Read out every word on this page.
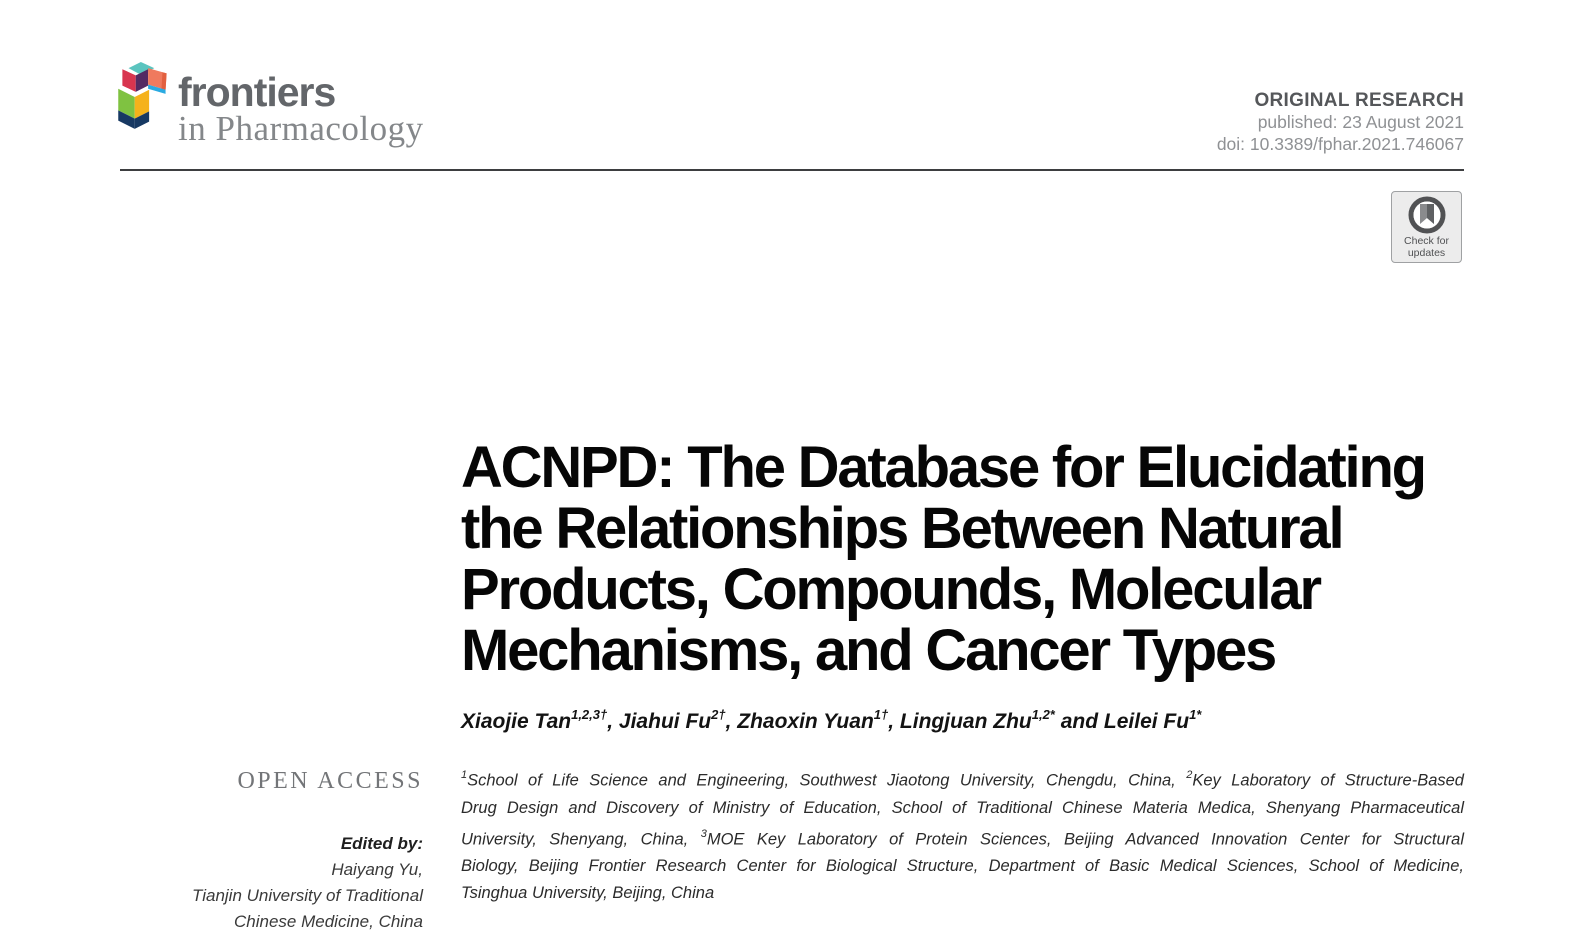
frontiers
in Pharmacology
ORIGINAL RESEARCH
published: 23 August 2021
doi: 10.3389/fphar.2021.746067
Check for
updates
ACNPD: The Database for Elucidating
the Relationships Between Natural
Products, Compounds, Molecular
Mechanisms, and Cancer Types
Xiaojie Tan$^{1,2,3\dagger}$, Jiahui $Fu^{2\dagger}$, Zhaoxin Yuan$^{1\dagger}$, Lingjuan Zhu$^{1,2*}$ and Leilei $Fu^{1*}$
$^1$School of Life Science and Engineering, Southwest Jiaotong University, Chengdu, China, $^2$Key Laboratory of Structure-Based
Drug Design and Discovery of Ministry of Education, School of Traditional Chinese Materia Medica, Shenyang Pharmaceutical
University, Shenyang, China, $^3$MOE Key Laboratory of Protein Sciences, Beijing Advanced Innovation Center for Structural
Biology, Beijing Frontier Research Center for Biological Structure, Department of Basic Medical Sciences, School of Medicine,
Tsinghua University, Beijing, China
OPEN ACCESS
Edited by:
Haiyang Yu,
Tianjin University of Traditional
Chinese Medicine, China
